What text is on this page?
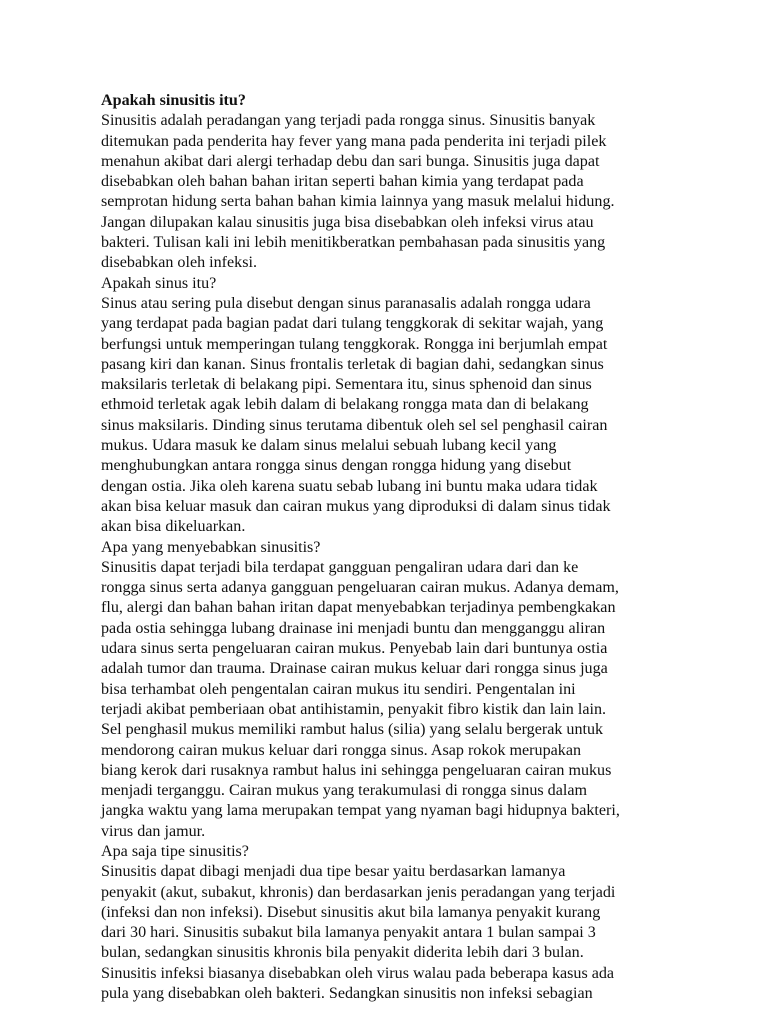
Apakah sinusitis itu?
Sinusitis adalah peradangan yang terjadi pada rongga sinus. Sinusitis banyak
ditemukan pada penderita hay fever yang mana pada penderita ini terjadi pilek
menahun akibat dari alergi terhadap debu dan sari bunga. Sinusitis juga dapat
disebabkan oleh bahan bahan iritan seperti bahan kimia yang terdapat pada
semprotan hidung serta bahan bahan kimia lainnya yang masuk melalui hidung.
Jangan dilupakan kalau sinusitis juga bisa disebabkan oleh infeksi virus atau
bakteri. Tulisan kali ini lebih menitikberatkan pembahasan pada sinusitis yang
disebabkan oleh infeksi.
Apakah sinus itu?
Sinus atau sering pula disebut dengan sinus paranasalis adalah rongga udara
yang terdapat pada bagian padat dari tulang tenggkorak di sekitar wajah, yang
berfungsi untuk memperingan tulang tenggkorak. Rongga ini berjumlah empat
pasang kiri dan kanan. Sinus frontalis terletak di bagian dahi, sedangkan sinus
maksilaris terletak di belakang pipi. Sementara itu, sinus sphenoid dan sinus
ethmoid terletak agak lebih dalam di belakang rongga mata dan di belakang
sinus maksilaris. Dinding sinus terutama dibentuk oleh sel sel penghasil cairan
mukus. Udara masuk ke dalam sinus melalui sebuah lubang kecil yang
menghubungkan antara rongga sinus dengan rongga hidung yang disebut
dengan ostia. Jika oleh karena suatu sebab lubang ini buntu maka udara tidak
akan bisa keluar masuk dan cairan mukus yang diproduksi di dalam sinus tidak
akan bisa dikeluarkan.
Apa yang menyebabkan sinusitis?
Sinusitis dapat terjadi bila terdapat gangguan pengaliran udara dari dan ke
rongga sinus serta adanya gangguan pengeluaran cairan mukus. Adanya demam,
flu, alergi dan bahan bahan iritan dapat menyebabkan terjadinya pembengkakan
pada ostia sehingga lubang drainase ini menjadi buntu dan mengganggu aliran
udara sinus serta pengeluaran cairan mukus. Penyebab lain dari buntunya ostia
adalah tumor dan trauma. Drainase cairan mukus keluar dari rongga sinus juga
bisa terhambat oleh pengentalan cairan mukus itu sendiri. Pengentalan ini
terjadi akibat pemberiaan obat antihistamin, penyakit fibro kistik dan lain lain.
Sel penghasil mukus memiliki rambut halus (silia) yang selalu bergerak untuk
mendorong cairan mukus keluar dari rongga sinus. Asap rokok merupakan
biang kerok dari rusaknya rambut halus ini sehingga pengeluaran cairan mukus
menjadi terganggu. Cairan mukus yang terakumulasi di rongga sinus dalam
jangka waktu yang lama merupakan tempat yang nyaman bagi hidupnya bakteri,
virus dan jamur.
Apa saja tipe sinusitis?
Sinusitis dapat dibagi menjadi dua tipe besar yaitu berdasarkan lamanya
penyakit (akut, subakut, khronis) dan berdasarkan jenis peradangan yang terjadi
(infeksi dan non infeksi). Disebut sinusitis akut bila lamanya penyakit kurang
dari 30 hari. Sinusitis subakut bila lamanya penyakit antara 1 bulan sampai 3
bulan, sedangkan sinusitis khronis bila penyakit diderita lebih dari 3 bulan.
Sinusitis infeksi biasanya disebabkan oleh virus walau pada beberapa kasus ada
pula yang disebabkan oleh bakteri. Sedangkan sinusitis non infeksi sebagian
